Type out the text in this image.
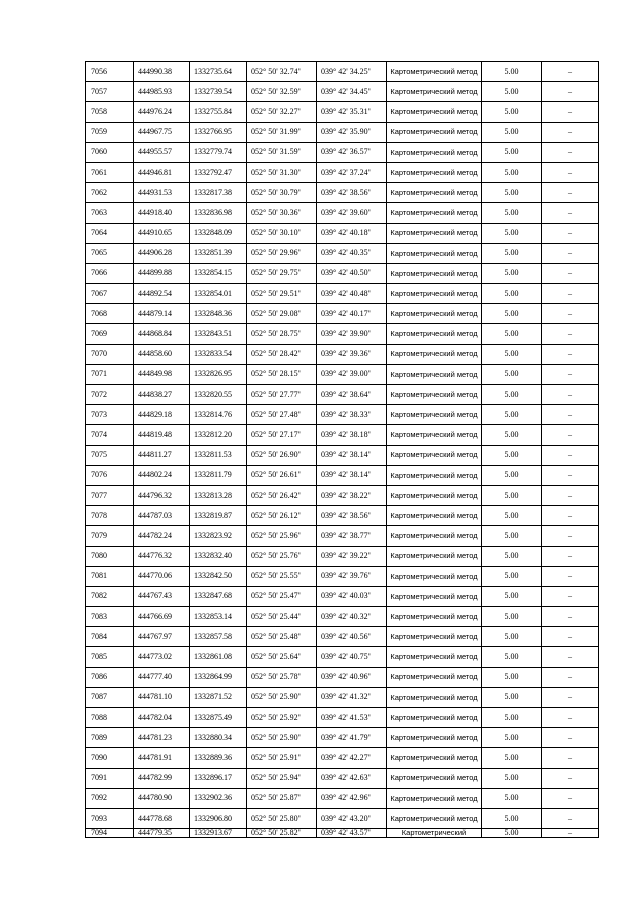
7056	444990.38	1332735.64	052° 50' 32.74"	039° 42' 34.25"	Картометрический метод	5.00	–
7057	444985.93	1332739.54	052° 50' 32.59"	039° 42' 34.45"	Картометрический метод	5.00	–
7058	444976.24	1332755.84	052° 50' 32.27"	039° 42' 35.31"	Картометрический метод	5.00	–
7059	444967.75	1332766.95	052° 50' 31.99"	039° 42' 35.90"	Картометрический метод	5.00	–
7060	444955.57	1332779.74	052° 50' 31.59"	039° 42' 36.57"	Картометрический метод	5.00	–
7061	444946.81	1332792.47	052° 50' 31.30"	039° 42' 37.24"	Картометрический метод	5.00	–
7062	444931.53	1332817.38	052° 50' 30.79"	039° 42' 38.56"	Картометрический метод	5.00	–
7063	444918.40	1332836.98	052° 50' 30.36"	039° 42' 39.60"	Картометрический метод	5.00	–
7064	444910.65	1332848.09	052° 50' 30.10"	039° 42' 40.18"	Картометрический метод	5.00	–
7065	444906.28	1332851.39	052° 50' 29.96"	039° 42' 40.35"	Картометрический метод	5.00	–
7066	444899.88	1332854.15	052° 50' 29.75"	039° 42' 40.50"	Картометрический метод	5.00	–
7067	444892.54	1332854.01	052° 50' 29.51"	039° 42' 40.48"	Картометрический метод	5.00	–
7068	444879.14	1332848.36	052° 50' 29.08"	039° 42' 40.17"	Картометрический метод	5.00	–
7069	444868.84	1332843.51	052° 50' 28.75"	039° 42' 39.90"	Картометрический метод	5.00	–
7070	444858.60	1332833.54	052° 50' 28.42"	039° 42' 39.36"	Картометрический метод	5.00	–
7071	444849.98	1332826.95	052° 50' 28.15"	039° 42' 39.00"	Картометрический метод	5.00	–
7072	444838.27	1332820.55	052° 50' 27.77"	039° 42' 38.64"	Картометрический метод	5.00	–
7073	444829.18	1332814.76	052° 50' 27.48"	039° 42' 38.33"	Картометрический метод	5.00	–
7074	444819.48	1332812.20	052° 50' 27.17"	039° 42' 38.18"	Картометрический метод	5.00	–
7075	444811.27	1332811.53	052° 50' 26.90"	039° 42' 38.14"	Картометрический метод	5.00	–
7076	444802.24	1332811.79	052° 50' 26.61"	039° 42' 38.14"	Картометрический метод	5.00	–
7077	444796.32	1332813.28	052° 50' 26.42"	039° 42' 38.22"	Картометрический метод	5.00	–
7078	444787.03	1332819.87	052° 50' 26.12"	039° 42' 38.56"	Картометрический метод	5.00	–
7079	444782.24	1332823.92	052° 50' 25.96"	039° 42' 38.77"	Картометрический метод	5.00	–
7080	444776.32	1332832.40	052° 50' 25.76"	039° 42' 39.22"	Картометрический метод	5.00	–
7081	444770.06	1332842.50	052° 50' 25.55"	039° 42' 39.76"	Картометрический метод	5.00	–
7082	444767.43	1332847.68	052° 50' 25.47"	039° 42' 40.03"	Картометрический метод	5.00	–
7083	444766.69	1332853.14	052° 50' 25.44"	039° 42' 40.32"	Картометрический метод	5.00	–
7084	444767.97	1332857.58	052° 50' 25.48"	039° 42' 40.56"	Картометрический метод	5.00	–
7085	444773.02	1332861.08	052° 50' 25.64"	039° 42' 40.75"	Картометрический метод	5.00	–
7086	444777.40	1332864.99	052° 50' 25.78"	039° 42' 40.96"	Картометрический метод	5.00	–
7087	444781.10	1332871.52	052° 50' 25.90"	039° 42' 41.32"	Картометрический метод	5.00	–
7088	444782.04	1332875.49	052° 50' 25.92"	039° 42' 41.53"	Картометрический метод	5.00	–
7089	444781.23	1332880.34	052° 50' 25.90"	039° 42' 41.79"	Картометрический метод	5.00	–
7090	444781.91	1332889.36	052° 50' 25.91"	039° 42' 42.27"	Картометрический метод	5.00	–
7091	444782.99	1332896.17	052° 50' 25.94"	039° 42' 42.63"	Картометрический метод	5.00	–
7092	444780.90	1332902.36	052° 50' 25.87"	039° 42' 42.96"	Картометрический метод	5.00	–
7093	444778.68	1332906.80	052° 50' 25.80"	039° 42' 43.20"	Картометрический метод	5.00	–
7094	444779.35	1332913.67	052° 50' 25.82"	039° 42' 43.57"	Картометрический	5.00	–
